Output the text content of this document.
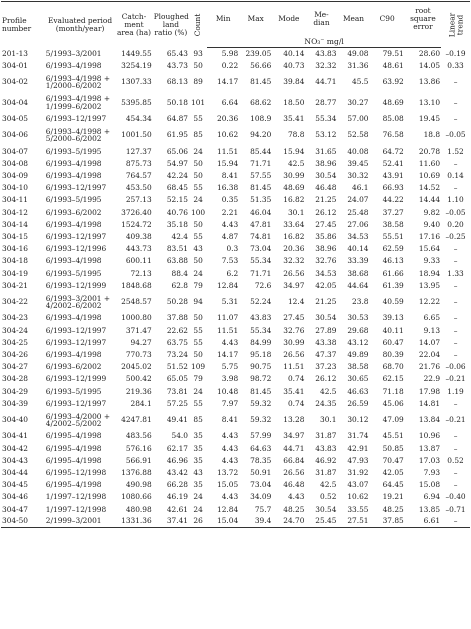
Profile number	Evaluated period (month/year)	Catch-ment area (ha)	Ploughed land ratio (%)	Count	Min	Max	Mode	Me-dian	Mean	C90	root square error	Linear trend

					NO₃⁻ mg/l							
201-13	5/1993–3/2001	1449.55	65.43	93	5.98	239.05	40.14	43.83	49.08	79.51	28.60	–0.19
304-01	6/1993–4/1998	3254.19	43.73	50	0.22	56.66	40.73	32.32	31.36	48.61	14.05	0.33
304-02	6/1993–4/1998 + 1/2000–6/2002	1307.33	68.13	89	14.17	81.45	39.84	44.71	45.5	63.92	13.86	–
304-04	6/1993–4/1998 + 1/1999–6/2002	5395.85	50.18	101	6.64	68.62	18.50	28.77	30.27	48.69	13.10	–
304-05	6/1993–12/1997	454.34	64.87	55	20.36	108.9	35.41	55.34	57.00	85.08	19.45	–
304-06	6/1993–4/1998 + 5/2000–6/2002	1001.50	61.95	85	10.62	94.20	78.8	53.12	52.58	76.58	18.8	–0.05
304-07	6/1993–5/1995	127.37	65.06	24	11.51	85.44	15.94	31.65	40.08	64.72	20.78	1.52
304-08	6/1993–4/1998	875.73	54.97	50	15.94	71.71	42.5	38.96	39.45	52.41	11.60	–
304-09	6/1993–4/1998	764.57	42.24	50	8.41	57.55	30.99	30.54	30.32	43.91	10.69	0.14
304-10	6/1993–12/1997	453.50	68.45	55	16.38	81.45	48.69	46.48	46.1	66.93	14.52	–
304-11	6/1993–5/1995	257.13	52.15	24	0.35	51.35	16.82	21.25	24.07	44.22	14.44	1.10
304-12	6/1993–6/2002	3726.40	40.76	100	2.21	46.04	30.1	26.12	25.48	37.27	9.82	–0.05
304-14	6/1993–4/1998	1524.72	35.18	50	4.43	47.81	33.64	27.45	27.06	38.58	9.40	0.20
304-15	6/1993–12/1997	409.38	42.4	55	4.87	74.81	16.82	35.86	34.53	55.51	17.16	–0.25
304-16	6/1993–12/1996	443.73	83.51	43	0.3	73.04	20.36	38.96	40.14	62.59	15.64	–
304-18	6/1993–4/1998	600.11	63.88	50	7.53	55.34	32.32	32.76	33.39	46.13	9.33	–
304-19	6/1993–5/1995	72.13	88.4	24	6.2	71.71	26.56	34.53	38.68	61.66	18.94	1.33
304-21	6/1993–12/1999	1848.68	62.8	79	12.84	72.6	34.97	42.05	44.64	61.39	13.95	–
304-22	6/1993–3/2001 + 4/2002–6/2002	2548.57	50.28	94	5.31	52.24	12.4	21.25	23.8	40.59	12.22	–
304-23	6/1993–4/1998	1000.80	37.88	50	11.07	43.83	27.45	30.54	30.53	39.13	6.65	–
304-24	6/1993–12/1997	371.47	22.62	55	11.51	55.34	32.76	27.89	29.68	40.11	9.13	–
304-25	6/1993–12/1997	94.27	63.75	55	4.43	84.99	30.99	43.38	43.12	60.47	14.07	–
304-26	6/1993–4/1998	770.73	73.24	50	14.17	95.18	26.56	47.37	49.89	80.39	22.04	–
304-27	6/1993–6/2002	2045.02	51.52	109	5.75	90.75	11.51	37.23	38.58	68.70	21.76	–0.06
304-28	6/1993–12/1999	500.42	65.05	79	3.98	98.72	0.74	26.12	30.65	62.15	22.9	–0.21
304-29	6/1993–5/1995	219.36	73.81	24	10.48	81.45	35.41	42.5	46.63	71.18	17.98	1.19
304-39	6/1993–12/1997	284.1	57.25	55	7.97	59.32	0.74	24.35	26.59	45.06	14.81	–
304-40	6/1993–4/2000 + 4/2002–5/2002	4247.81	49.41	85	8.41	59.32	13.28	30.1	30.12	47.09	13.84	–0.21
304-41	6/1995–4/1998	483.56	54.0	35	4.43	57.99	34.97	31.87	31.74	45.51	10.96	–
304-42	6/1995–4/1998	576.16	62.17	35	4.43	64.63	44.71	43.83	42.91	50.85	13.87	–
304-43	6/1995–4/1998	566.91	46.96	35	4.43	78.35	66.84	46.92	47.93	70.47	17.03	0.52
304-44	6/1995–12/1998	1376.88	43.42	43	13.72	50.91	26.56	31.87	31.92	42.05	7.93	–
304-45	6/1995–4/1998	490.98	66.28	35	15.05	73.04	46.48	42.5	43.07	64.45	15.08	–
304-46	1/1997–12/1998	1080.66	46.19	24	4.43	34.09	4.43	0.52	10.62	19.21	6.94	–0.40
304-47	1/1997–12/1998	480.98	42.61	24	12.84	75.7	48.25	30.54	33.55	48.25	13.85	–0.71
304-50	2/1999–3/2001	1331.36	37.41	26	15.04	39.4	24.70	25.45	27.51	37.85	6.61	–
